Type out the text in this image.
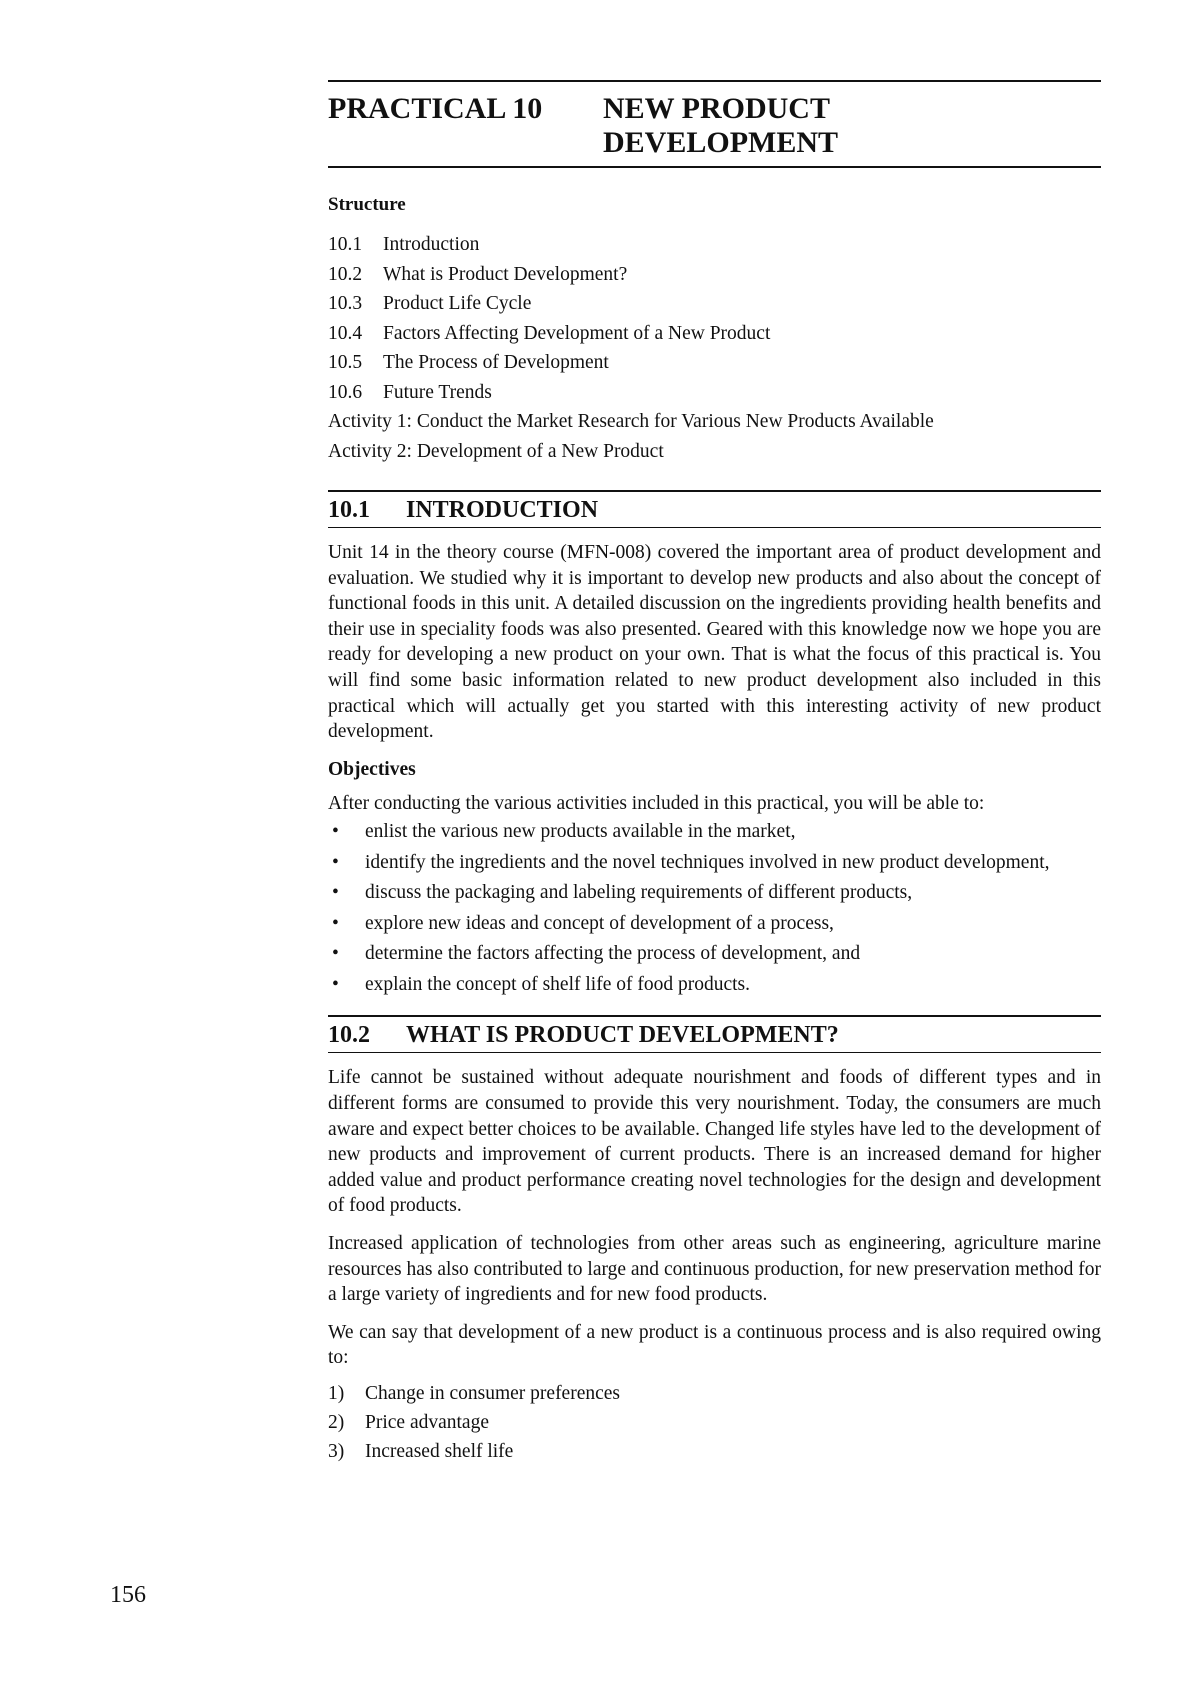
PRACTICAL 10	NEW PRODUCT
DEVELOPMENT
Structure
10.1 Introduction
10.2 What is Product Development?
10.3 Product Life Cycle
10.4 Factors Affecting Development of a New Product
10.5 The Process of Development
10.6 Future Trends
Activity 1: Conduct the Market Research for Various New Products Available
Activity 2: Development of a New Product
10.1	INTRODUCTION

Unit 14 in the theory course (MFN-008) covered the important area of product development and evaluation. We studied why it is important to develop new products and also about the concept of functional foods in this unit. A detailed discussion on the ingredients providing health benefits and their use in speciality foods was also presented. Geared with this knowledge now we hope you are ready for developing a new product on your own. That is what the focus of this practical is. You will find some basic information related to new product development also included in this practical which will actually get you started with this interesting activity of new product development.

Objectives

After conducting the various activities included in this practical, you will be able to:

• enlist the various new products available in the market,
• identify the ingredients and the novel techniques involved in new product development,
• discuss the packaging and labeling requirements of different products,
• explore new ideas and concept of development of a process,
• determine the factors affecting the process of development, and
• explain the concept of shelf life of food products.
10.2	WHAT IS PRODUCT DEVELOPMENT?

Life cannot be sustained without adequate nourishment and foods of different types and in different forms are consumed to provide this very nourishment. Today, the consumers are much aware and expect better choices to be available. Changed life styles have led to the development of new products and improvement of current products. There is an increased demand for higher added value and product performance creating novel technologies for the design and development of food products.

Increased application of technologies from other areas such as engineering, agriculture marine resources has also contributed to large and continuous production, for new preservation method for a large variety of ingredients and for new food products.

We can say that development of a new product is a continuous process and is also required owing to:

1) Change in consumer preferences
2) Price advantage
3) Increased shelf life
156
